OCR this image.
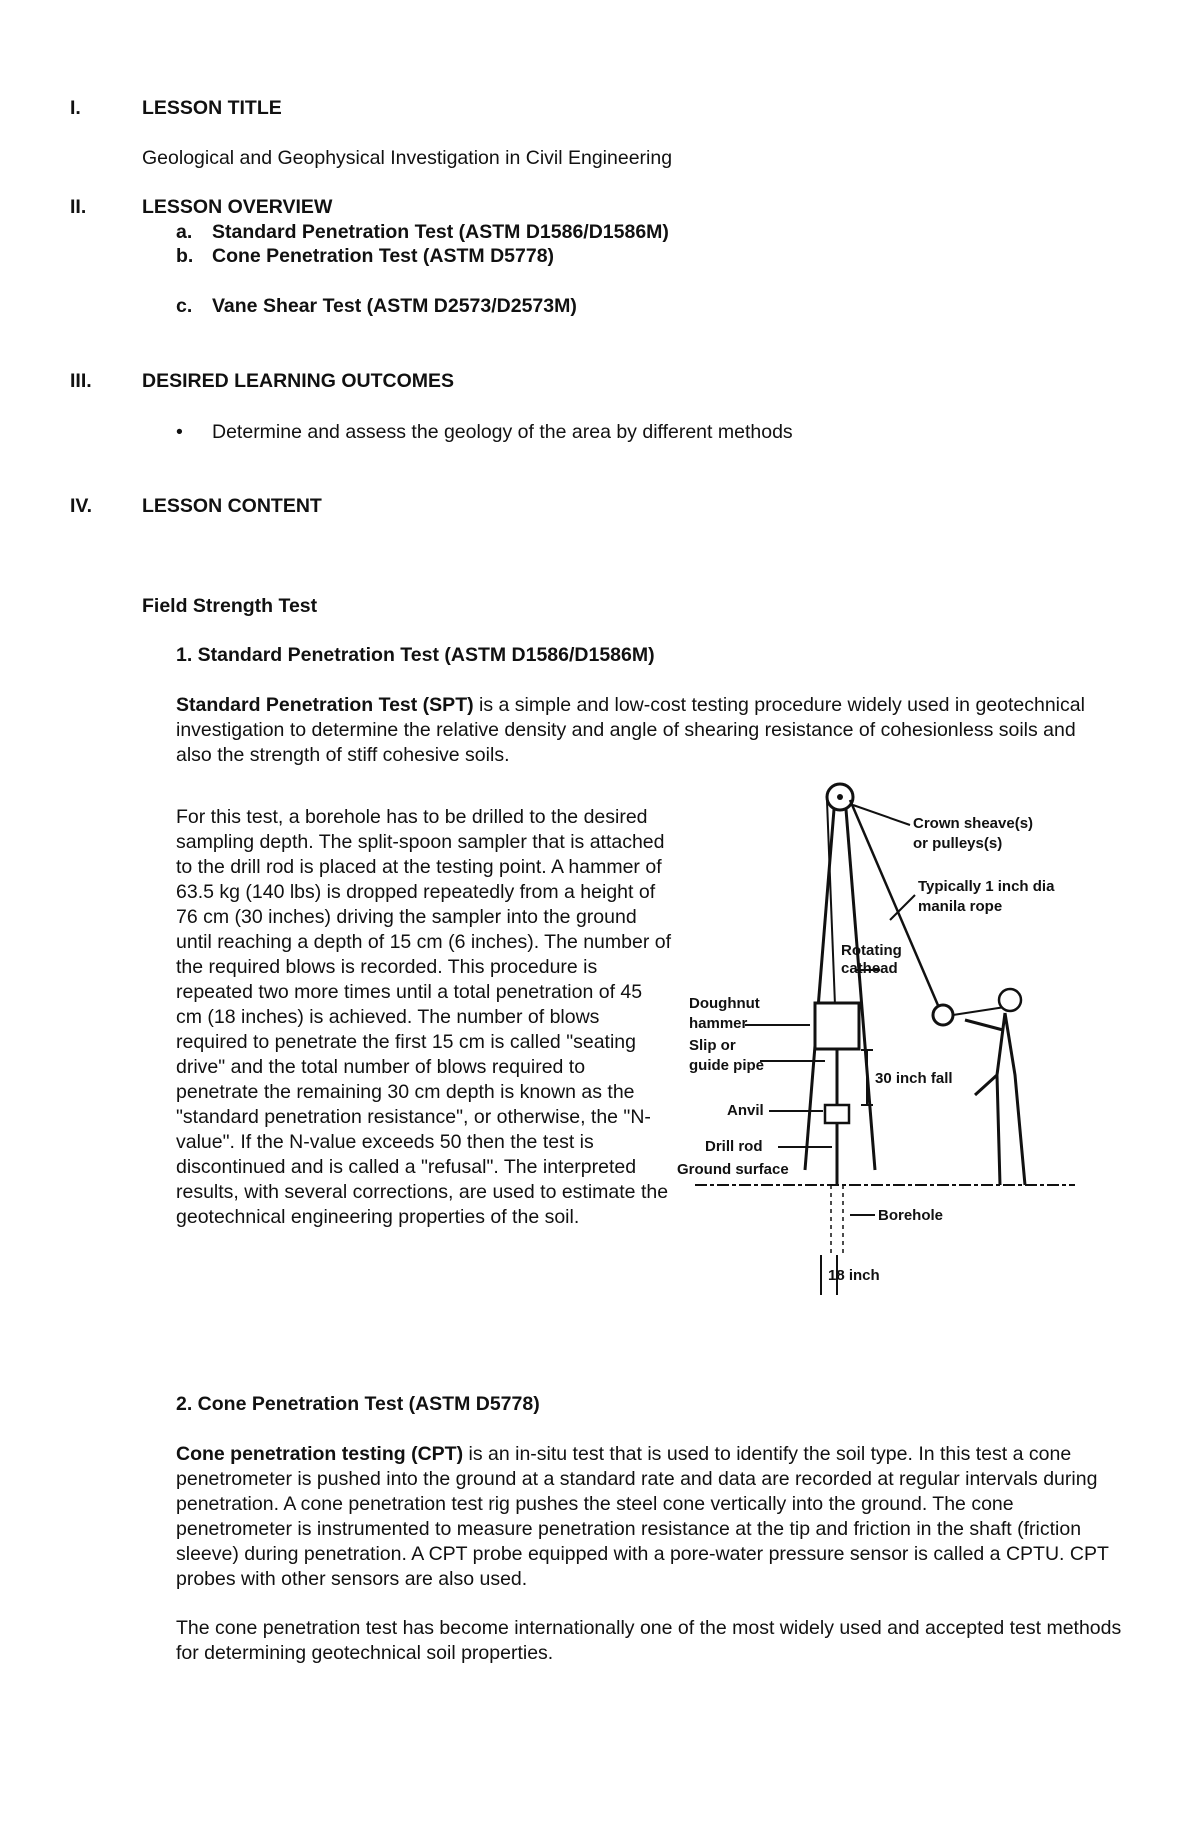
I.	LESSON TITLE
Geological and Geophysical Investigation in Civil Engineering
II.	LESSON OVERVIEW
a. Standard Penetration Test (ASTM D1586/D1586M)
b. Cone Penetration Test (ASTM D5778)
c. Vane Shear Test (ASTM D2573/D2573M)
III.	DESIRED LEARNING OUTCOMES
• Determine and assess the geology of the area by different methods
IV.	LESSON CONTENT
Field Strength Test
1. Standard Penetration Test (ASTM D1586/D1586M)

Standard Penetration Test (SPT) is a simple and low-cost testing procedure widely used in geotechnical investigation to determine the relative density and angle of shearing resistance of cohesionless soils and also the strength of stiff cohesive soils.

For this test, a borehole has to be drilled to the desired sampling depth. The split-spoon sampler that is attached to the drill rod is placed at the testing point. A hammer of 63.5 kg (140 lbs) is dropped repeatedly from a height of 76 cm (30 inches) driving the sampler into the ground until reaching a depth of 15 cm (6 inches). The number of the required blows is recorded. This procedure is repeated two more times until a total penetration of 45 cm (18 inches) is achieved. The number of blows required to penetrate the first 15 cm is called "seating drive" and the total number of blows required to penetrate the remaining 30 cm depth is known as the "standard penetration resistance", or otherwise, the "N-value". If the N-value exceeds 50 then the test is discontinued and is called a "refusal". The interpreted results, with several corrections, are used to estimate the geotechnical engineering properties of the soil.

Crown sheave(s)
or pulleys(s)
Typically 1 inch dia
manila rope
Rotating
cathead
Doughnut
hammer
Slip or
guide pipe
30 inch fall
Anvil
Drill rod
Ground surface
Borehole
18 inch
2. Cone Penetration Test (ASTM D5778)

Cone penetration testing (CPT) is an in-situ test that is used to identify the soil type. In this test a cone penetrometer is pushed into the ground at a standard rate and data are recorded at regular intervals during penetration. A cone penetration test rig pushes the steel cone vertically into the ground. The cone penetrometer is instrumented to measure penetration resistance at the tip and friction in the shaft (friction sleeve) during penetration. A CPT probe equipped with a pore-water pressure sensor is called a CPTU. CPT probes with other sensors are also used.

The cone penetration test has become internationally one of the most widely used and accepted test methods for determining geotechnical soil properties.
